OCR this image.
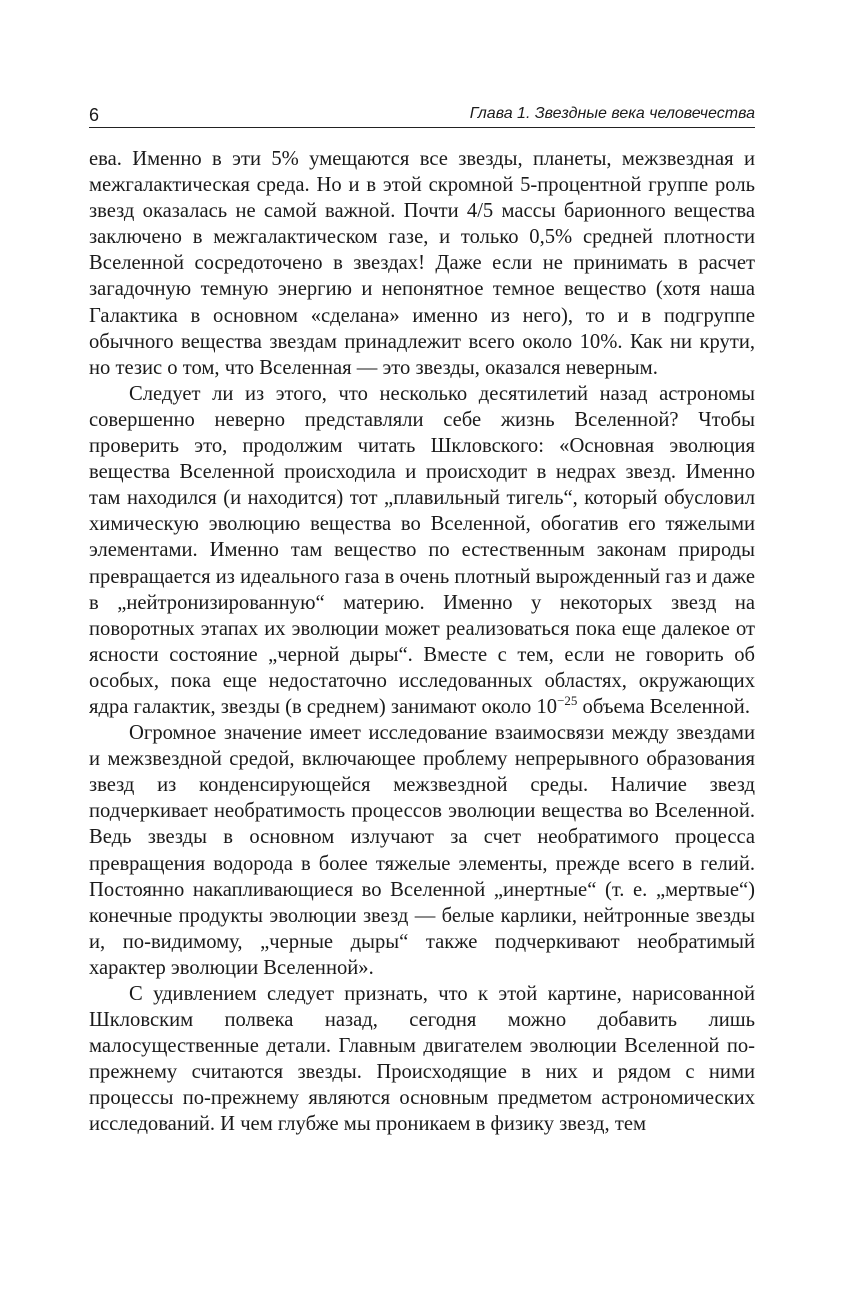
6	Глава 1. Звездные века человечества

ева. Именно в эти 5% умещаются все звезды, планеты, межзвездная и межгалактическая среда. Но и в этой скромной 5-процентной группе роль звезд оказалась не самой важной. Почти 4/5 массы барионного вещества заключено в межгалактическом газе, и только 0,5% средней плотности Вселенной сосредоточено в звездах! Даже если не принимать в расчет загадочную темную энергию и непонятное темное вещество (хотя наша Галактика в основном «сделана» именно из него), то и в подгруппе обычного вещества звездам принадлежит всего около 10%. Как ни крути, но тезис о том, что Вселенная — это звезды, оказался неверным.

Следует ли из этого, что несколько десятилетий назад астрономы совершенно неверно представляли себе жизнь Вселенной? Чтобы проверить это, продолжим читать Шкловского: «Основная эволюция вещества Вселенной происходила и происходит в недрах звезд. Именно там находился (и находится) тот „плавильный тигель“, который обусловил химическую эволюцию вещества во Вселенной, обогатив его тяжелыми элементами. Именно там вещество по естественным законам природы превращается из идеального газа в очень плотный вырожденный газ и даже в „нейтронизированную“ материю. Именно у некоторых звезд на поворотных этапах их эволюции может реализоваться пока еще далекое от ясности состояние „черной дыры“. Вместе с тем, если не говорить об особых, пока еще недостаточно исследованных областях, окружающих ядра галактик, звезды (в среднем) занимают около $10^{-25}$ объема Вселенной.

Огромное значение имеет исследование взаимосвязи между звездами и межзвездной средой, включающее проблему непрерывного образования звезд из конденсирующейся межзвездной среды. Наличие звезд подчеркивает необратимость процессов эволюции вещества во Вселенной. Ведь звезды в основном излучают за счет необратимого процесса превращения водорода в более тяжелые элементы, прежде всего в гелий. Постоянно накапливающиеся во Вселенной „инертные“ (т. е. „мертвые“) конечные продукты эволюции звезд — белые карлики, нейтронные звезды и, по-видимому, „черные дыры“ также подчеркивают необратимый характер эволюции Вселенной».

С удивлением следует признать, что к этой картине, нарисованной Шкловским полвека назад, сегодня можно добавить лишь малосущественные детали. Главным двигателем эволюции Вселенной по-прежнему считаются звезды. Происходящие в них и рядом с ними процессы по-прежнему являются основным предметом астрономических исследований. И чем глубже мы проникаем в физику звезд, тем
